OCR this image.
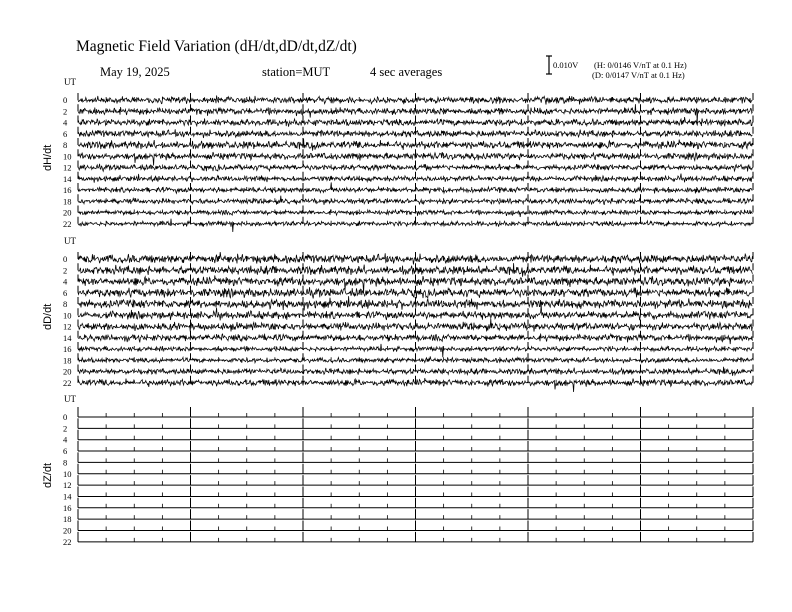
Magnetic Field Variation (dH/dt,dD/dt,dZ/dt)
May 19, 2025	station=MUT	4 sec averages	0.010V (H: 0/0146 V/nT at 0.1 Hz)
(D: 0/0147 V/nT at 0.1 Hz)
UT
dH/dt
0
2
4
6
8
10
12
14
16
18
20
22
UT
dD/dt
0
2
4
6
8
10
12
14
16
18
20
22
UT
dZ/dt
0
2
4
6
8
10
12
14
16
18
20
22
